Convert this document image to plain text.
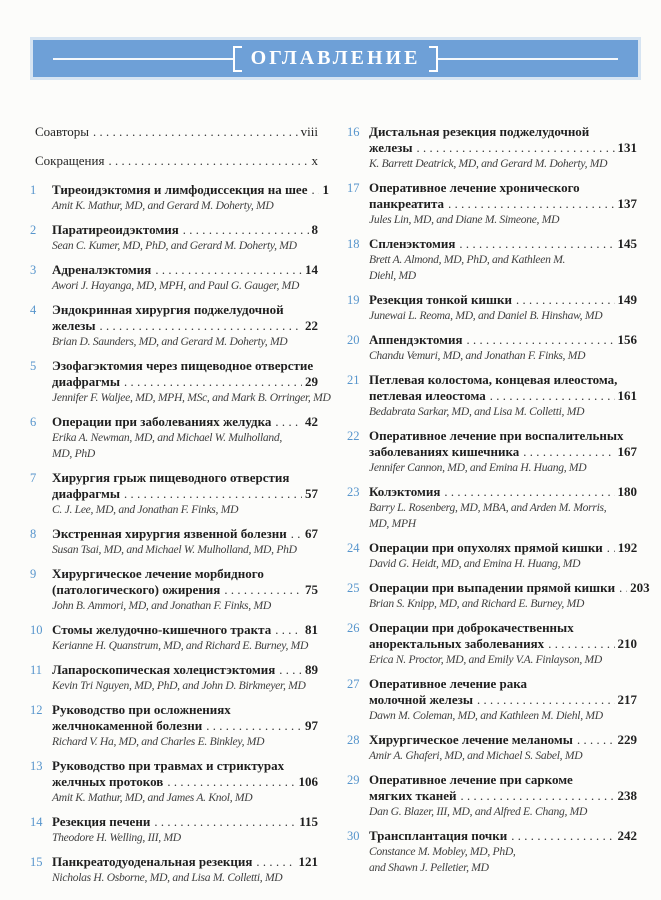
ОГЛАВЛЕНИЕ
Соавторы .....	viii
Сокращения .....	x
1	Тиреоидэктомия и лимфодиссекция на шее ..... 1
Amit K. Mathur, MD, and Gerard M. Doherty, MD
2	Паратиреоидэктомия .....	8
Sean C. Kumer, MD, PhD, and Gerard M. Doherty, MD
3	Адреналэктомия .....	14
Awori J. Hayanga, MD, MPH, and Paul G. Gauger, MD
4	Эндокринная хирургия поджелудочной
железы .....	22
Brian D. Saunders, MD, and Gerard M. Doherty, MD
5	Эзофагэктомия через пищеводное отверстие
диафрагмы .....	29
Jennifer F. Waljee, MD, MPH, MSc, and Mark B. Orringer, MD
6	Операции при заболеваниях желудка .....	42
Erika A. Newman, MD, and Michael W. Mulholland,
MD, PhD
7	Хирургия грыж пищеводного отверстия
диафрагмы .....	57
C. J. Lee, MD, and Jonathan F. Finks, MD
8	Экстренная хирургия язвенной болезни ..... 67
Susan Tsai, MD, and Michael W. Mulholland, MD, PhD
9	Хирургическое лечение морбидного
(патологического) ожирения .....	75
John B. Ammori, MD, and Jonathan F. Finks, MD
10 Стомы желудочно-кишечного тракта .....	81
Kerianne H. Quanstrum, MD, and Richard E. Burney, MD
11 Лапароскопическая холецистэктомия ..... 89
Kevin Tri Nguyen, MD, PhD, and John D. Birkmeyer, MD
12 Руководство при осложнениях
желчнокаменной болезни .....	97
Richard V. Ha, MD, and Charles E. Binkley, MD
13 Руководство при травмах и стриктурах
желчных протоков .....	106
Amit K. Mathur, MD, and James A. Knol, MD
14 Резекция печени .....	115
Theodore H. Welling, III, MD
15 Панкреатодуоденальная резекция .....	121
Nicholas H. Osborne, MD, and Lisa M. Colletti, MD
16 Дистальная резекция поджелудочной
железы .....	131
K. Barrett Deatrick, MD, and Gerard M. Doherty, MD
17 Оперативное лечение хронического
панкреатита .....	137
Jules Lin, MD, and Diane M. Simeone, MD
18 Спленэктомия .....	145
Brett A. Almond, MD, PhD, and Kathleen M.
Diehl, MD
19 Резекция тонкой кишки .....	149
Junewai L. Reoma, MD, and Daniel B. Hinshaw, MD
20 Аппендэктомия .....	156
Chandu Vemuri, MD, and Jonathan F. Finks, MD
21 Петлевая колостома, концевая илеостома,
петлевая илеостома .....	161
Bedabrata Sarkar, MD, and Lisa M. Colletti, MD
22 Оперативное лечение при воспалительных
заболеваниях кишечника .....	167
Jennifer Cannon, MD, and Emina H. Huang, MD
23 Колэктомия .....	180
Barry L. Rosenberg, MD, MBA, and Arden M. Morris,
MD, MPH
24 Операции при опухолях прямой кишки ..... 192
David G. Heidt, MD, and Emina H. Huang, MD
25 Операции при выпадении прямой кишки ..... 203
Brian S. Knipp, MD, and Richard E. Burney, MD
26 Операции при доброкачественных
аноректальных заболеваниях .....	210
Erica N. Proctor, MD, and Emily V.A. Finlayson, MD
27 Оперативное лечение рака
молочной железы .....	217
Dawn M. Coleman, MD, and Kathleen M. Diehl, MD
28 Хирургическое лечение меланомы .....	229
Amir A. Ghaferi, MD, and Michael S. Sabel, MD
29 Оперативное лечение при саркоме
мягких тканей .....	238
Dan G. Blazer, III, MD, and Alfred E. Chang, MD
30 Трансплантация почки .....	242
Constance M. Mobley, MD, PhD,
and Shawn J. Pelletier, MD
